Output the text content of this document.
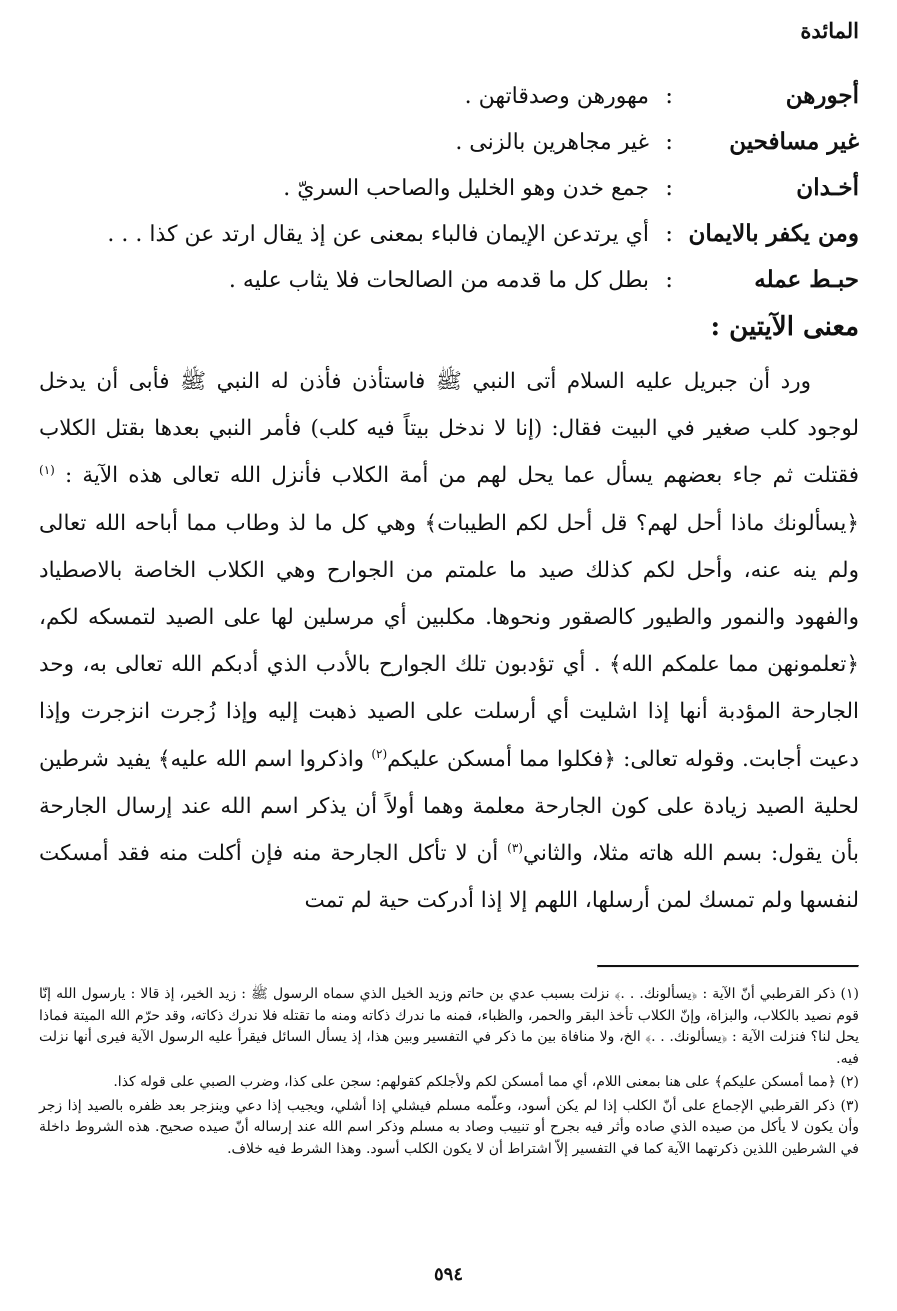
المائدة
أجورهن
:
مهورهن وصدقاتهن .
غير مسافحين
:
غير مجاهرين بالزنى .
أخـدان
:
جمع خدن وهو الخليل والصاحب السريّ .
ومن يكفر بالايمان
:
أي يرتدعن الإيمان فالباء بمعنى عن إذ يقال ارتد عن كذا . . .
حبـط عمله
:
بطل كل ما قدمه من الصالحات فلا يثاب عليه .
معنى الآيتين :

ورد أن جبريل عليه السلام أتى النبي ﷺ فاستأذن فأذن له النبي ﷺ فأبى أن يدخل لوجود كلب صغير في البيت فقال: (إنا لا ندخل بيتاً فيه كلب) فأمر النبي بعدها بقتل الكلاب فقتلت ثم جاء بعضهم يسأل عما يحل لهم من أمة الكلاب فأنزل الله تعالى هذه الآية : $^{(١)}$ ﴿يسألونك ماذا أحل لهم؟ قل أحل لكم الطيبات﴾ وهي كل ما لذ وطاب مما أباحه الله تعالى ولم ينه عنه، وأحل لكم كذلك صيد ما علمتم من الجوارح وهي الكلاب الخاصة بالاصطياد والفهود والنمور والطيور كالصقور ونحوها. مكلبين أي مرسلين لها على الصيد لتمسكه لكم، ﴿تعلمونهن مما علمكم الله﴾ . أي تؤدبون تلك الجوارح بالأدب الذي أدبكم الله تعالى به، وحد الجارحة المؤدبة أنها إذا اشليت أي أرسلت على الصيد ذهبت إليه وإذا زُجرت انزجرت وإذا دعيت أجابت. وقوله تعالى: ﴿فكلوا مما أمسكن عليكم$^{(٢)}$ واذكروا اسم الله عليه﴾ يفيد شرطين لحلية الصيد زيادة على كون الجارحة معلمة وهما أولاً أن يذكر اسم الله عند إرسال الجارحة بأن يقول: بسم الله هاته مثلا، والثاني$^{(٣)}$ أن لا تأكل الجارحة منه فإن أكلت منه فقد أمسكت لنفسها ولم تمسك لمن أرسلها، اللهم إلا إذا أدركت حية لم تمت

(١) ذكر القرطبي أنّ الآية : ﴿يسألونك. . .﴾ نزلت بسبب عدي بن حاتم وزيد الخيل الذي سماه الرسول ﷺ : زيد الخير، إذ قالا : يارسول الله إنّا قوم نصيد بالكلاب، والبزاة، وإنّ الكلاب تأخذ البقر والحمر، والظباء، فمنه ما ندرك ذكاته ومنه ما تقتله فلا ندرك ذكاته، وقد حرّم الله الميتة فماذا يحل لنا؟ فنزلت الآية : ﴿يسألونك. . .﴾ الخ، ولا منافاة بين ما ذكر في التفسير وبين هذا، إذ يسأل السائل فيقرأ عليه الرسول الآية فيرى أنها نزلت فيه.

(٢) ﴿مما أمسكن عليكم﴾ على هنا بمعنى اللام، أي مما أمسكن لكم ولأجلكم كقولهم: سجن على كذا، وضرب الصبي على قوله كذا.

(٣) ذكر القرطبي الإجماع على أنّ الكلب إذا لم يكن أسود، وعلّمه مسلم فيشلي إذا أشلي، ويجيب إذا دعي وينزجر بعد ظفره بالصيد إذا زجر وأن يكون لا يأكل من صيده الذي صاده وأثر فيه بجرح أو تنييب وصاد به مسلم وذكر اسم الله عند إرساله أنّ صيده صحيح. هذه الشروط داخلة في الشرطين اللذين ذكرتهما الآية كما في التفسير إلاّ اشتراط أن لا يكون الكلب أسود. وهذا الشرط فيه خلاف.

٥٩٤
